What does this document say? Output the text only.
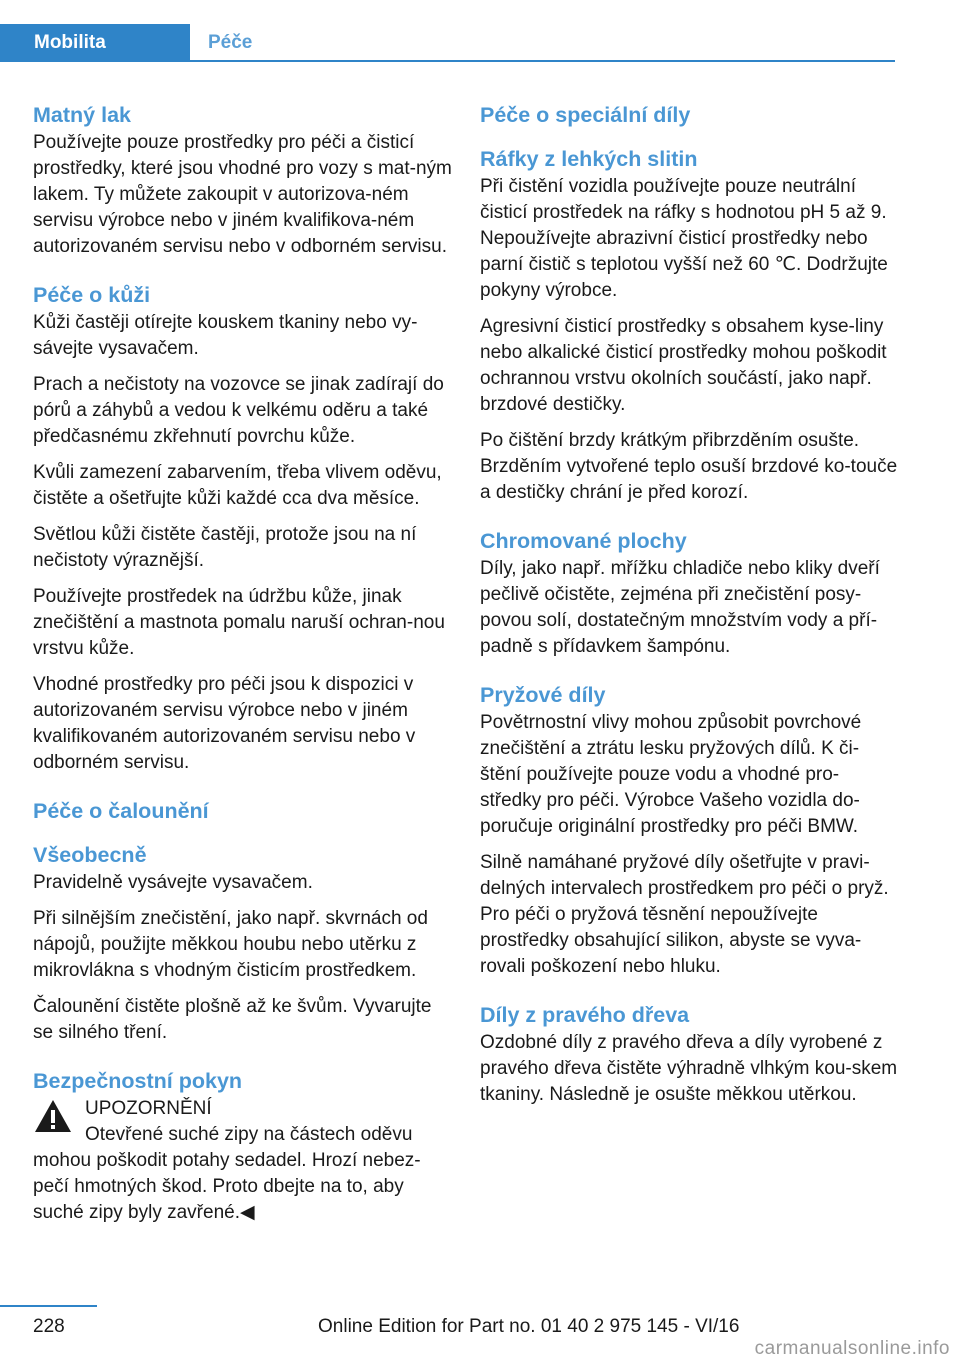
Mobilita	Péče
Matný lak

Používejte pouze prostředky pro péči a čisticí prostředky, které jsou vhodné pro vozy s mat-ným lakem. Ty můžete zakoupit v autorizova-ném servisu výrobce nebo v jiném kvalifikova-ném autorizovaném servisu nebo v odborném servisu.

Péče o kůži

Kůži častěji otírejte kouskem tkaniny nebo vy-sávejte vysavačem.

Prach a nečistoty na vozovce se jinak zadírají do pórů a záhybů a vedou k velkému oděru a také předčasnému zkřehnutí povrchu kůže.

Kvůli zamezení zabarvením, třeba vlivem oděvu, čistěte a ošetřujte kůži každé cca dva měsíce.

Světlou kůži čistěte častěji, protože jsou na ní nečistoty výraznější.

Používejte prostředek na údržbu kůže, jinak znečištění a mastnota pomalu naruší ochran-nou vrstvu kůže.

Vhodné prostředky pro péči jsou k dispozici v autorizovaném servisu výrobce nebo v jiném kvalifikovaném autorizovaném servisu nebo v odborném servisu.

Péče o čalounění
Všeobecně

Pravidelně vysávejte vysavačem.

Při silnějším znečistění, jako např. skvrnách od nápojů, použijte měkkou houbu nebo utěrku z mikrovlákna s vhodným čisticím prostředkem.

Čalounění čistěte plošně až ke švům. Vyvarujte se silného tření.

Bezpečnostní pokyn

UPOZORNĚNÍ
Otevřené suché zipy na částech oděvu

mohou poškodit potahy sedadel. Hrozí nebez-pečí hmotných škod. Proto dbejte na to, aby suché zipy byly zavřené.◀

Péče o speciální díly
Ráfky z lehkých slitin

Při čistění vozidla používejte pouze neutrální čisticí prostředek na ráfky s hodnotou pH 5 až 9. Nepoužívejte abrazivní čisticí prostředky nebo parní čistič s teplotou vyšší než 60 ℃. Dodržujte pokyny výrobce.

Agresivní čisticí prostředky s obsahem kyse-liny nebo alkalické čisticí prostředky mohou poškodit ochrannou vrstvu okolních součástí, jako např. brzdové destičky.

Po čištění brzdy krátkým přibrzděním osušte. Brzděním vytvořené teplo osuší brzdové ko-touče a destičky chrání je před korozí.

Chromované plochy

Díly, jako např. mřížku chladiče nebo kliky dveří pečlivě očistěte, zejména při znečistění posy-povou solí, dostatečným množstvím vody a pří-padně s přídavkem šampónu.

Pryžové díly

Povětrnostní vlivy mohou způsobit povrchové znečištění a ztrátu lesku pryžových dílů. K či-štění používejte pouze vodu a vhodné pro-středky pro péči. Výrobce Vašeho vozidla do-poručuje originální prostředky pro péči BMW.

Silně namáhané pryžové díly ošetřujte v pravi-delných intervalech prostředkem pro péči o pryž. Pro péči o pryžová těsnění nepoužívejte prostředky obsahující silikon, abyste se vyva-rovali poškození nebo hluku.

Díly z pravého dřeva

Ozdobné díly z pravého dřeva a díly vyrobené z pravého dřeva čistěte výhradně vlhkým kou-skem tkaniny. Následně je osušte měkkou utěrkou.

228	Online Edition for Part no. 01 40 2 975 145 - VI/16
carmanualsonline.info
